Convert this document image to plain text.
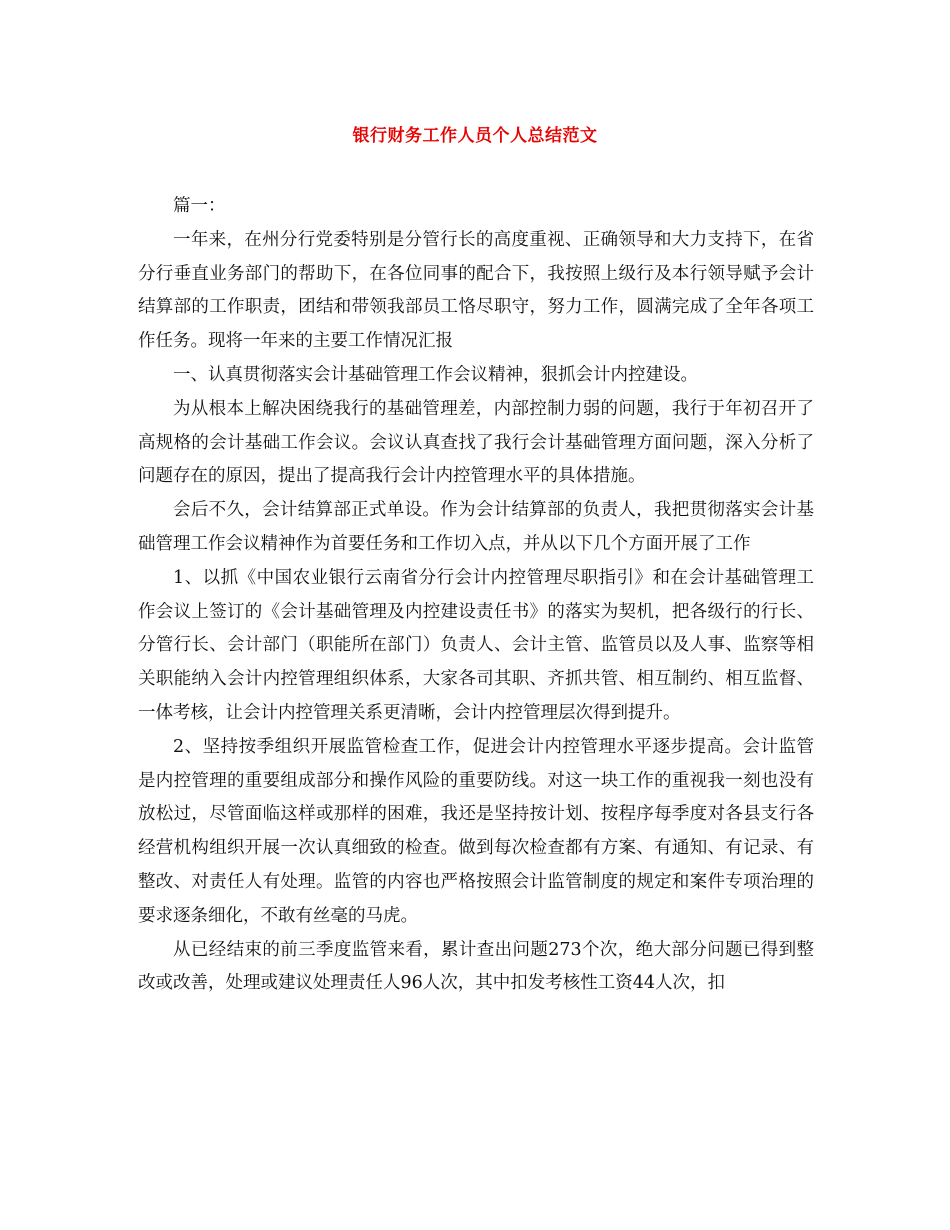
银行财务工作人员个人总结范文

篇一：

一年来，在州分行党委特别是分管行长的高度重视、正确领导和大力支持下，在省分行垂直业务部门的帮助下，在各位同事的配合下，我按照上级行及本行领导赋予会计结算部的工作职责，团结和带领我部员工恪尽职守，努力工作，圆满完成了全年各项工作任务。现将一年来的主要工作情况汇报

一、认真贯彻落实会计基础管理工作会议精神，狠抓会计内控建设。

为从根本上解决困绕我行的基础管理差，内部控制力弱的问题，我行于年初召开了高规格的会计基础工作会议。会议认真查找了我行会计基础管理方面问题，深入分析了问题存在的原因，提出了提高我行会计内控管理水平的具体措施。

会后不久，会计结算部正式单设。作为会计结算部的负责人，我把贯彻落实会计基础管理工作会议精神作为首要任务和工作切入点，并从以下几个方面开展了工作

1、以抓《中国农业银行云南省分行会计内控管理尽职指引》和在会计基础管理工作会议上签订的《会计基础管理及内控建设责任书》的落实为契机，把各级行的行长、分管行长、会计部门（职能所在部门）负责人、会计主管、监管员以及人事、监察等相关职能纳入会计内控管理组织体系，大家各司其职、齐抓共管、相互制约、相互监督、一体考核，让会计内控管理关系更清晰，会计内控管理层次得到提升。

2、坚持按季组织开展监管检查工作，促进会计内控管理水平逐步提高。会计监管是内控管理的重要组成部分和操作风险的重要防线。对这一块工作的重视我一刻也没有放松过，尽管面临这样或那样的困难，我还是坚持按计划、按程序每季度对各县支行各经营机构组织开展一次认真细致的检查。做到每次检查都有方案、有通知、有记录、有整改、对责任人有处理。监管的内容也严格按照会计监管制度的规定和案件专项治理的要求逐条细化，不敢有丝毫的马虎。

从已经结束的前三季度监管来看，累计查出问题273个次，绝大部分问题已得到整改或改善，处理或建议处理责任人96人次，其中扣发考核性工资44人次，扣
